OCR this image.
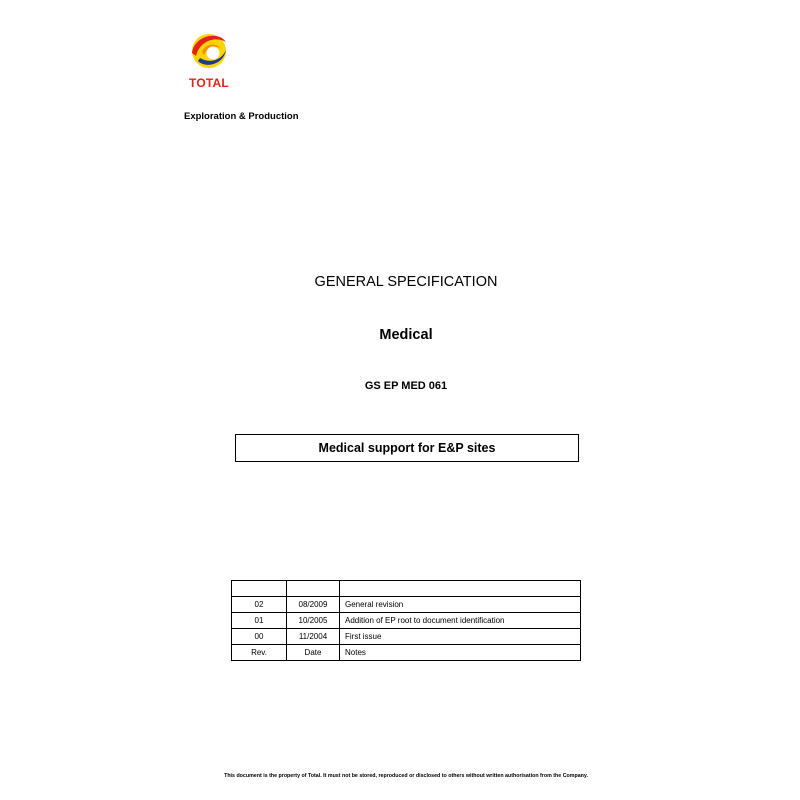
TOTAL
Exploration & Production
GENERAL SPECIFICATION
Medical
GS EP MED 061
Medical support for E&P sites

02	08/2009	General revision
01	10/2005	Addition of EP root to document identification
00	11/2004	First issue
Rev.	Date	Notes
This document is the property of Total. It must not be stored, reproduced or disclosed to others without written authorisation from the Company.
